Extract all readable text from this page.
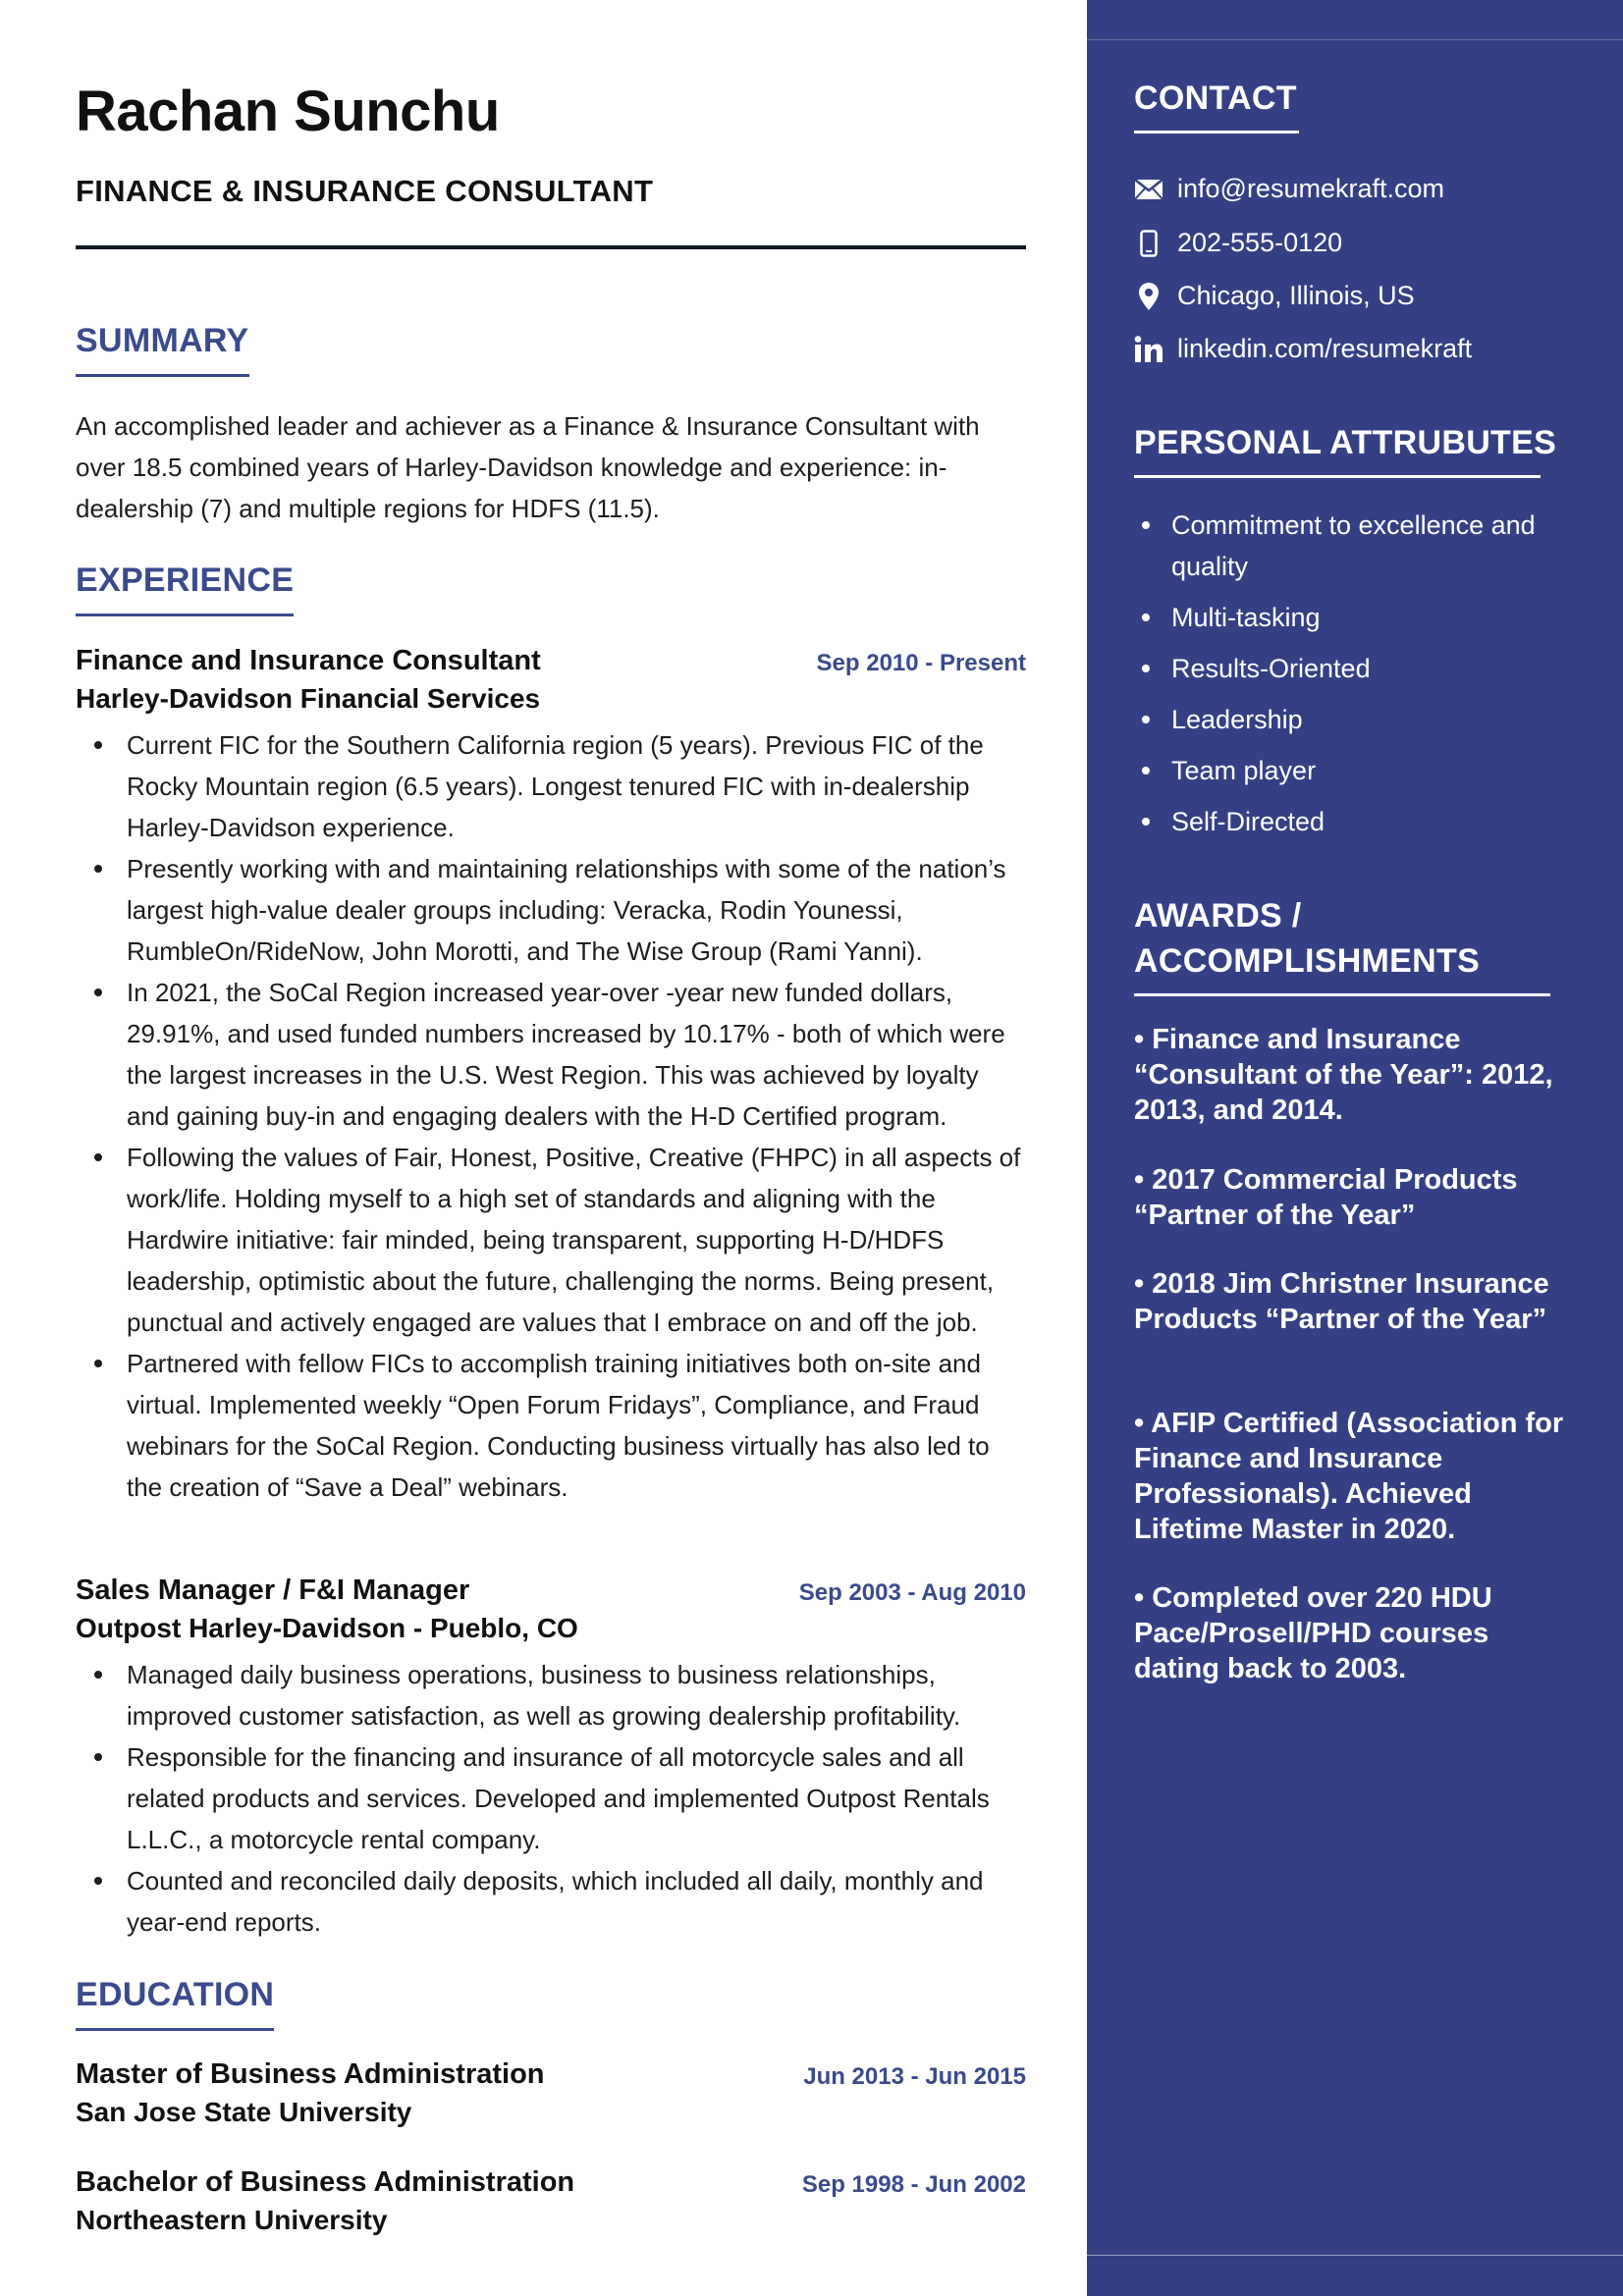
Rachan Sunchu
FINANCE & INSURANCE CONSULTANT
SUMMARY
An accomplished leader and achiever as a Finance & Insurance Consultant with over 18.5 combined years of Harley-Davidson knowledge and experience: in-dealership (7) and multiple regions for HDFS (11.5).
EXPERIENCE
Finance and Insurance Consultant	Sep 2010 - Present
Harley-Davidson Financial Services
Current FIC for the Southern California region (5 years). Previous FIC of the Rocky Mountain region (6.5 years). Longest tenured FIC with in-dealership Harley-Davidson experience.
Presently working with and maintaining relationships with some of the nation’s largest high-value dealer groups including: Veracka, Rodin Younessi, RumbleOn/RideNow, John Morotti, and The Wise Group (Rami Yanni).
In 2021, the SoCal Region increased year-over -year new funded dollars, 29.91%, and used funded numbers increased by 10.17% - both of which were the largest increases in the U.S. West Region. This was achieved by loyalty and gaining buy-in and engaging dealers with the H-D Certified program.
Following the values of Fair, Honest, Positive, Creative (FHPC) in all aspects of work/life. Holding myself to a high set of standards and aligning with the Hardwire initiative: fair minded, being transparent, supporting H-D/HDFS leadership, optimistic about the future, challenging the norms. Being present, punctual and actively engaged are values that I embrace on and off the job.
Partnered with fellow FICs to accomplish training initiatives both on-site and virtual. Implemented weekly “Open Forum Fridays”, Compliance, and Fraud webinars for the SoCal Region. Conducting business virtually has also led to the creation of “Save a Deal” webinars.
Sales Manager / F&I Manager	Sep 2003 - Aug 2010
Outpost Harley-Davidson - Pueblo, CO
Managed daily business operations, business to business relationships, improved customer satisfaction, as well as growing dealership profitability.
Responsible for the financing and insurance of all motorcycle sales and all related products and services. Developed and implemented Outpost Rentals L.L.C., a motorcycle rental company.
Counted and reconciled daily deposits, which included all daily, monthly and year-end reports.
EDUCATION
Master of Business Administration	Jun 2013 - Jun 2015
San Jose State University
Bachelor of Business Administration	Sep 1998 - Jun 2002
Northeastern University
CONTACT
info@resumekraft.com
202-555-0120
Chicago, Illinois, US
linkedin.com/resumekraft
PERSONAL ATTRUBUTES
Commitment to excellence and quality
Multi-tasking
Results-Oriented
Leadership
Team player
Self-Directed
AWARDS / ACCOMPLISHMENTS
• Finance and Insurance “Consultant of the Year”: 2012, 2013, and 2014.
• 2017 Commercial Products “Partner of the Year”
• 2018 Jim Christner Insurance Products “Partner of the Year”
• AFIP Certified (Association for Finance and Insurance Professionals). Achieved Lifetime Master in 2020.
• Completed over 220 HDU Pace/Prosell/PHD courses dating back to 2003.
